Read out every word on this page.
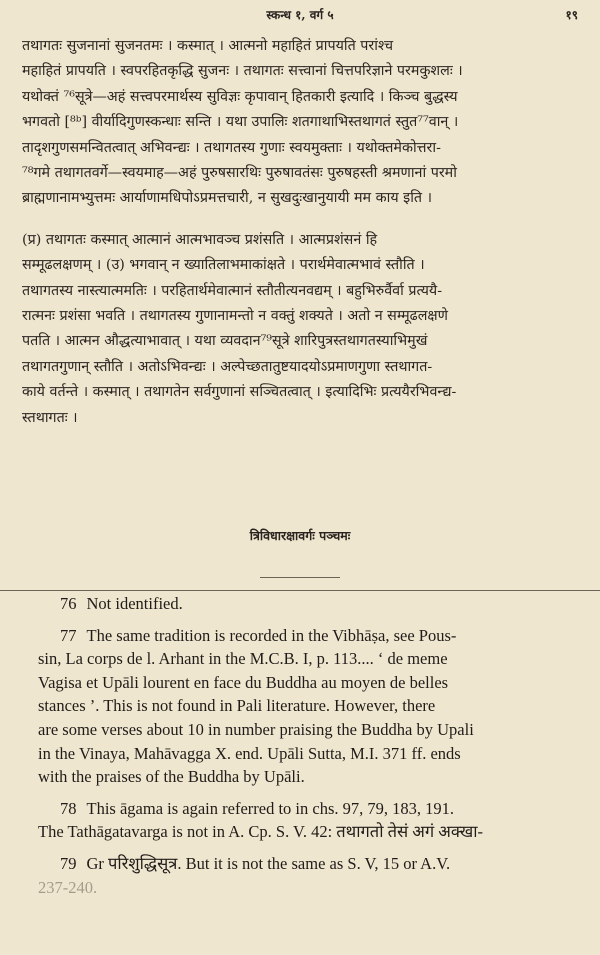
स्कन्ध १, वर्ग ५	१९
तथागतः सुजनानां सुजनतमः । कस्मात् । आत्मनो महाहितं प्रापयति परांश्च
महाहितं प्रापयति । स्वपरहितकृद्धि सुजनः । तथागतः सत्त्वानां चित्तपरिज्ञाने परमकुशलः ।
यथोक्तं ⁷⁶सूत्रे—अहं सत्त्वपरमार्थस्य सुविज्ञः कृपावान् हितकारी इत्यादि । किञ्च बुद्धस्य
भगवतो [⁸ᵇ] वीर्यादिगुणस्कन्धाः सन्ति । यथा उपालिः शतगाथाभिस्तथागतं स्तुत⁷⁷वान् ।
तादृशगुणसमन्वितत्वात् अभिवन्द्यः । तथागतस्य गुणाः स्वयमुक्ताः । यथोक्तमेकोत्तरा-
⁷⁸गमे तथागतवर्गे—स्वयमाह—अहं पुरुषसारथिः पुरुषावतंसः पुरुषहस्ती श्रमणानां परमो
ब्राह्मणानामभ्युत्तमः आर्याणामधिपोऽप्रमत्तचारी, न सुखदुःखानुयायी मम काय इति ।
(प्र) तथागतः कस्मात् आत्मानं आत्मभावञ्च प्रशंसति । आत्मप्रशंसनं हि
सम्मूढलक्षणम् । (उ) भगवान् न ख्यातिलाभमाकांक्षते । परार्थमेवात्मभावं स्तौति ।
तथागतस्य नास्त्यात्ममतिः । परहितार्थमेवात्मानं स्तौतीत्यनवद्यम् । बहुभिरुर्वैर्वा प्रत्ययै-
रात्मनः प्रशंसा भवति । तथागतस्य गुणानामन्तो न वक्तुं शक्यते । अतो न सम्मूढलक्षणे
पतति । आत्मन औद्धत्याभावात् । यथा व्यवदान⁷⁹सूत्रे शारिपुत्रस्तथागतस्याभिमुखं
तथागतगुणान् स्तौति । अतोऽभिवन्द्यः । अल्पेच्छतातुष्टयादयोऽप्रमाणगुणा स्तथागत-
काये वर्तन्ते । कस्मात् । तथागतेन सर्वगुणानां सञ्चितत्वात् । इत्यादिभिः प्रत्ययैरभिवन्द्य-
स्तथागतः ।
त्रिविधारक्षावर्गः पञ्चमः
76 Not identified.
77 The same tradition is recorded in the Vibhāṣa, see Pous-
sin, La corps de l. Arhant in the M.C.B. I, p. 113.... ‘ de meme
Vagisa et Upāli lourent en face du Buddha au moyen de belles
stances ’. This is not found in Pali literature. However, there
are some verses about 10 in number praising the Buddha by Upali
in the Vinaya, Mahāvagga X. end. Upāli Sutta, M.I. 371 ff. ends
with the praises of the Buddha by Upāli.
78 This āgama is again referred to in chs. 97, 79, 183, 191.
The Tathāgatavarga is not in A. Cp. S. V. 42: तथागतो तेसं अगं अक्खा-
79 Gr परिशुद्धिसूत्र. But it is not the same as S. V, 15 or A.V.
237-240.
